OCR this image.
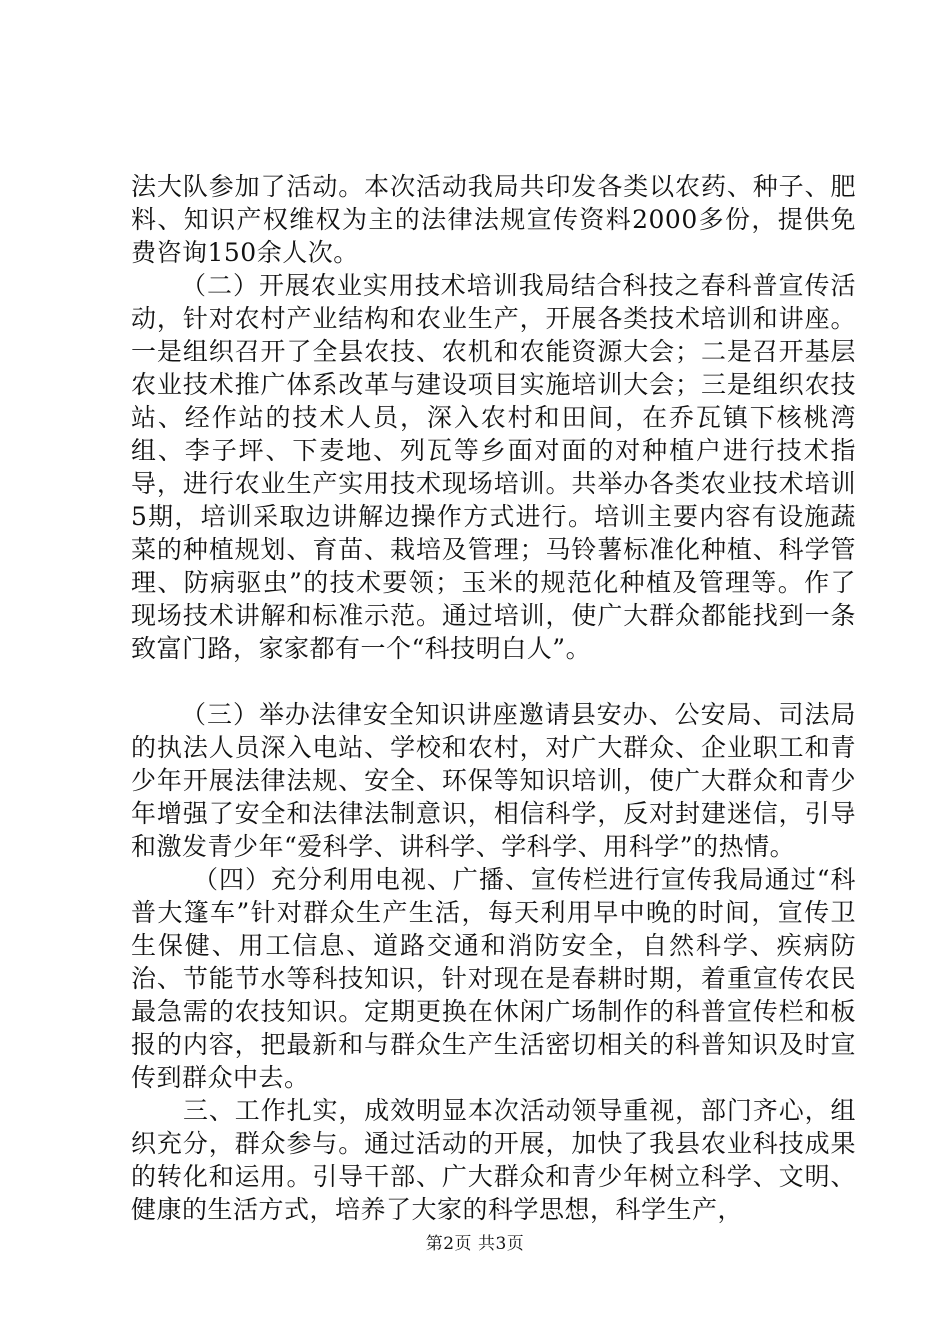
法大队参加了活动。本次活动我局共印发各类以农药、种子、肥料、知识产权维权为主的法律法规宣传资料2000多份，提供免费咨询150余人次。

（二）开展农业实用技术培训我局结合科技之春科普宣传活动，针对农村产业结构和农业生产，开展各类技术培训和讲座。一是组织召开了全县农技、农机和农能资源大会；二是召开基层农业技术推广体系改革与建设项目实施培训大会；三是组织农技站、经作站的技术人员，深入农村和田间，在乔瓦镇下核桃湾组、李子坪、下麦地、列瓦等乡面对面的对种植户进行技术指导，进行农业生产实用技术现场培训。共举办各类农业技术培训5期，培训采取边讲解边操作方式进行。培训主要内容有设施蔬菜的种植规划、育苗、栽培及管理；马铃薯标准化种植、科学管理、防病驱虫”的技术要领；玉米的规范化种植及管理等。作了现场技术讲解和标准示范。通过培训，使广大群众都能找到一条致富门路，家家都有一个“科技明白人”。

（三）举办法律安全知识讲座邀请县安办、公安局、司法局的执法人员深入电站、学校和农村，对广大群众、企业职工和青少年开展法律法规、安全、环保等知识培训，使广大群众和青少年增强了安全和法律法制意识，相信科学，反对封建迷信，引导和激发青少年“爱科学、讲科学、学科学、用科学”的热情。

（四）充分利用电视、广播、宣传栏进行宣传我局通过“科普大篷车”针对群众生产生活，每天利用早中晚的时间，宣传卫生保健、用工信息、道路交通和消防安全，自然科学、疾病防治、节能节水等科技知识，针对现在是春耕时期，着重宣传农民最急需的农技知识。定期更换在休闲广场制作的科普宣传栏和板报的内容，把最新和与群众生产生活密切相关的科普知识及时宣传到群众中去。

三、工作扎实，成效明显本次活动领导重视，部门齐心，组织充分，群众参与。通过活动的开展，加快了我县农业科技成果的转化和运用。引导干部、广大群众和青少年树立科学、文明、健康的生活方式，培养了大家的科学思想，科学生产，

第2页 共3页
